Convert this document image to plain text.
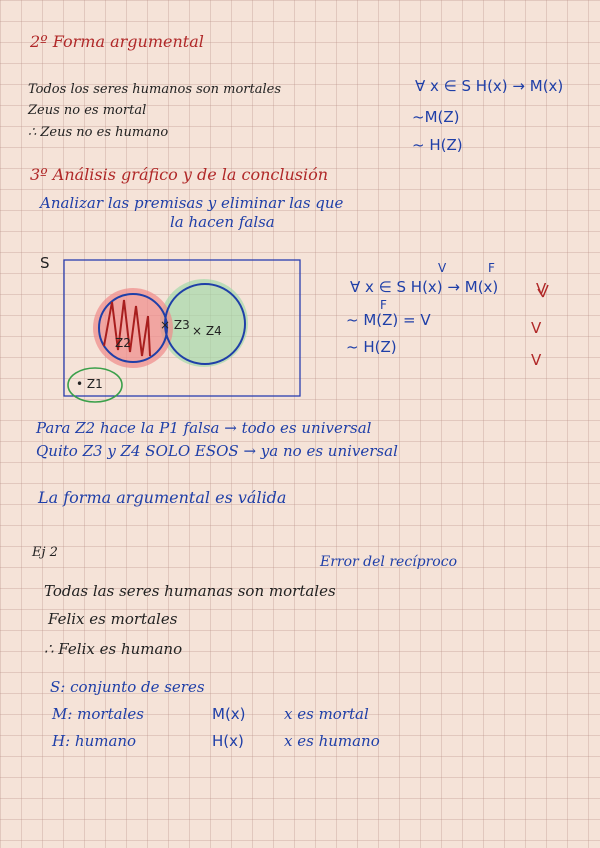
2º Forma argumental
Todos los seres humanos son mortales
Zeus no es mortal
∴ Zeus no es humano
∀ x ∈ S H(x) → M(x)
~M(Z)
~ H(Z)
3º Análisis gráfico y de la conclusión
Analizar las premisas y eliminar las que
la hacen falsa
S
• Z1
Z2
× Z3 × Z4
V	F
∀ x ∈ S H(x) → M(x)
F
~ M(Z) = V
~ H(Z)
V
V
V
Para Z2 hace la P1 falsa → todo es universal
Quito Z3 y Z4 SOLO ESOS → ya no es universal
La forma argumental es válida
Ej 2
Error del recíproco
Todas las seres humanas son mortales
Felix es mortales
∴ Felix es humano
S: conjunto de seres
M: mortales	M(x)	x es mortal
H: humano	H(x)	x es humano
